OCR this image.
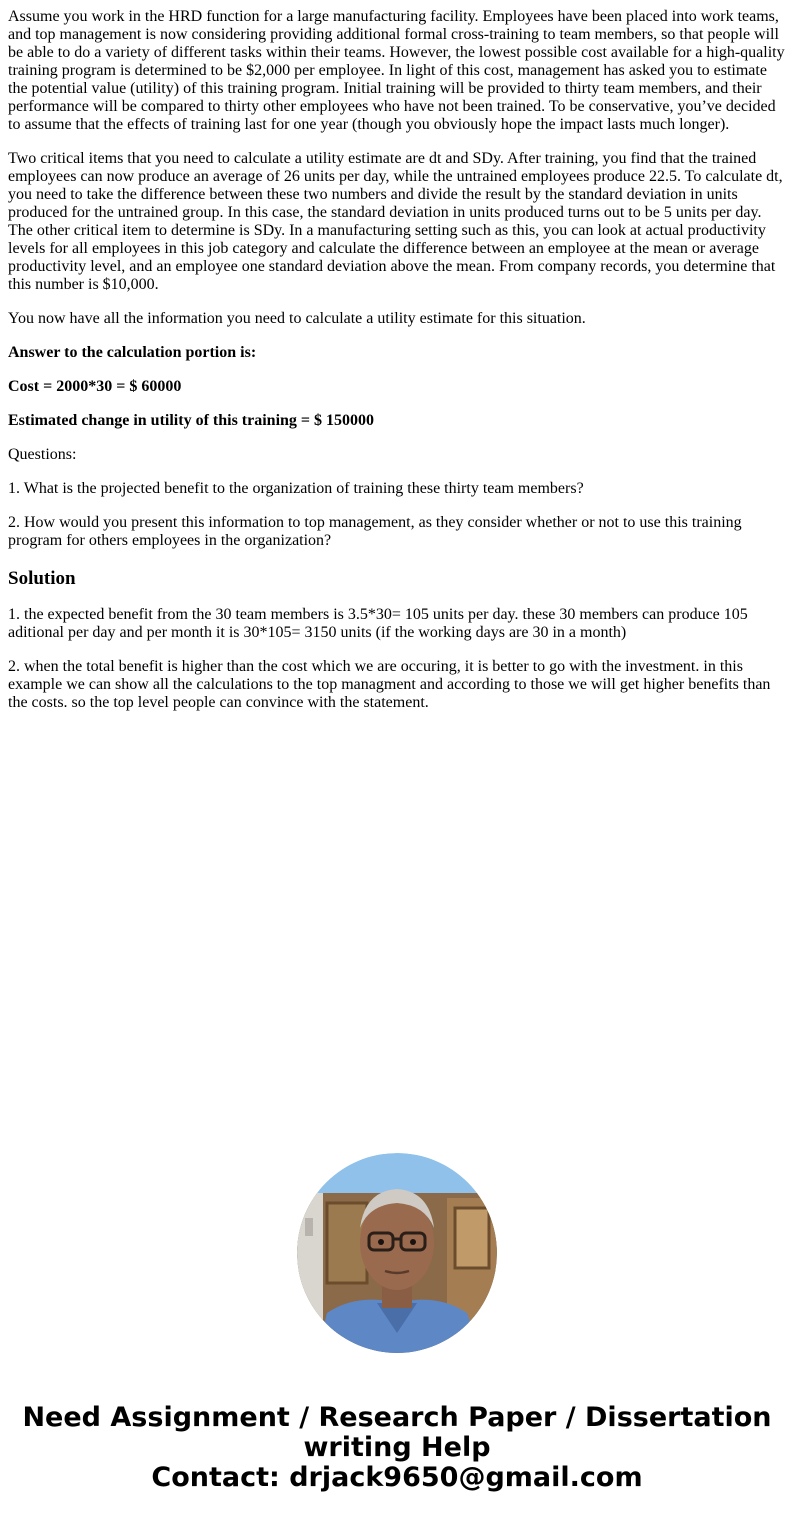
Assume you work in the HRD function for a large manufacturing facility. Employees have been placed into work teams, and top management is now considering providing additional formal cross-training to team members, so that people will be able to do a variety of different tasks within their teams. However, the lowest possible cost available for a high-quality training program is determined to be $2,000 per employee. In light of this cost, management has asked you to estimate the potential value (utility) of this training program. Initial training will be provided to thirty team members, and their performance will be compared to thirty other employees who have not been trained. To be conservative, you’ve decided to assume that the effects of training last for one year (though you obviously hope the impact lasts much longer).

Two critical items that you need to calculate a utility estimate are dt and SDy. After training, you find that the trained employees can now produce an average of 26 units per day, while the untrained employees produce 22.5. To calculate dt, you need to take the difference between these two numbers and divide the result by the standard deviation in units produced for the untrained group. In this case, the standard deviation in units produced turns out to be 5 units per day. The other critical item to determine is SDy. In a manufacturing setting such as this, you can look at actual productivity levels for all employees in this job category and calculate the difference between an employee at the mean or average productivity level, and an employee one standard deviation above the mean. From company records, you determine that this number is $10,000.

You now have all the information you need to calculate a utility estimate for this situation.

Answer to the calculation portion is:

Cost = 2000*30 = $ 60000

Estimated change in utility of this training = $ 150000

Questions:

1. What is the projected benefit to the organization of training these thirty team members?

2. How would you present this information to top management, as they consider whether or not to use this training program for others employees in the organization?

Solution

1. the expected benefit from the 30 team members is 3.5*30= 105 units per day. these 30 members can produce 105 aditional per day and per month it is 30*105= 3150 units (if the working days are 30 in a month)

2. when the total benefit is higher than the cost which we are occuring, it is better to go with the investment. in this example we can show all the calculations to the top managment and according to those we will get higher benefits than the costs. so the top level people can convince with the statement.

Need Assignment / Research Paper / Dissertation
writing Help
Contact: drjack9650@gmail.com
